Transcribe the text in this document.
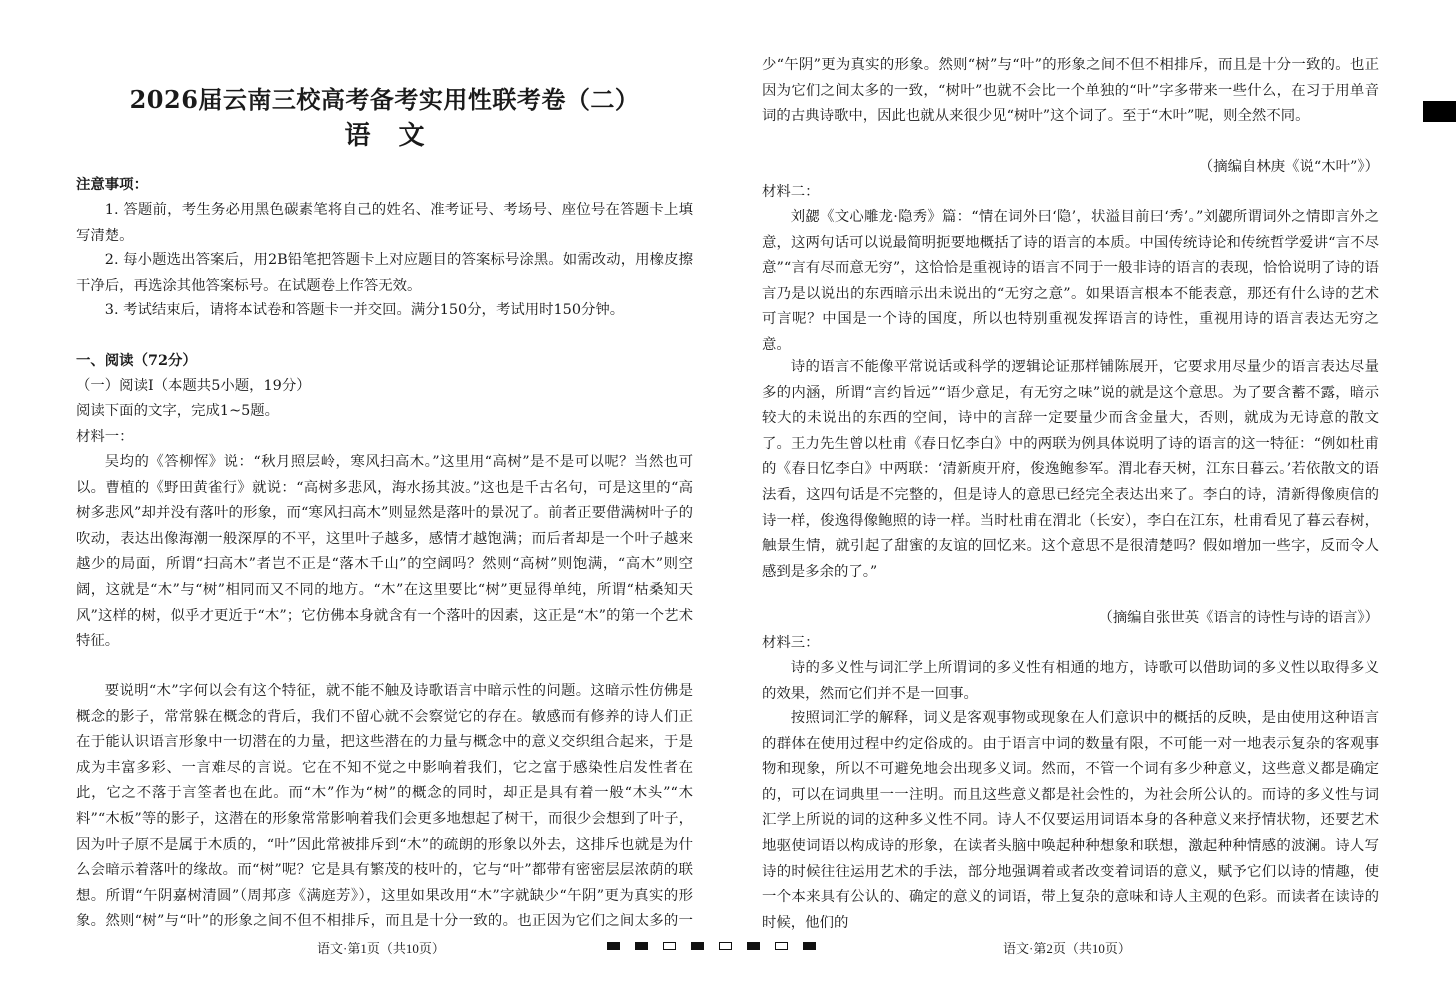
2026届云南三校高考备考实用性联考卷（二）
语文
注意事项：
1. 答题前，考生务必用黑色碳素笔将自己的姓名、准考证号、考场号、座位号在答题卡上填写清楚。
2. 每小题选出答案后，用2B铅笔把答题卡上对应题目的答案标号涂黑。如需改动，用橡皮擦干净后，再选涂其他答案标号。在试题卷上作答无效。
3. 考试结束后，请将本试卷和答题卡一并交回。满分150分，考试用时150分钟。
一、阅读（72分）
（一）阅读Ⅰ（本题共5小题，19分）
阅读下面的文字，完成1~5题。
材料一：
吴均的《答柳恽》说：“秋月照层岭，寒风扫高木。”这里用“高树”是不是可以呢？当然也可以。曹植的《野田黄雀行》就说：“高树多悲风，海水扬其波。”这也是千古名句，可是这里的“高树多悲风”却并没有落叶的形象，而“寒风扫高木”则显然是落叶的景况了。前者正要借满树叶子的吹动，表达出像海潮一般深厚的不平，这里叶子越多，感情才越饱满；而后者却是一个叶子越来越少的局面，所谓“扫高木”者岂不正是“落木千山”的空阔吗？然则“高树”则饱满，“高木”则空阔，这就是“木”与“树”相同而又不同的地方。“木”在这里要比“树”更显得单纯，所谓“枯桑知天风”这样的树，似乎才更近于“木”；它仿佛本身就含有一个落叶的因素，这正是“木”的第一个艺术特征。
要说明“木”字何以会有这个特征，就不能不触及诗歌语言中暗示性的问题。这暗示性仿佛是概念的影子，常常躲在概念的背后，我们不留心就不会察觉它的存在。敏感而有修养的诗人们正在于能认识语言形象中一切潜在的力量，把这些潜在的力量与概念中的意义交织组合起来，于是成为丰富多彩、一言难尽的言说。它在不知不觉之中影响着我们，它之富于感染性启发性者在此，它之不落于言筌者也在此。而“木”作为“树”的概念的同时，却正是具有着一般“木头”“木料”“木板”等的影子，这潜在的形象常常影响着我们会更多地想起了树干，而很少会想到了叶子，因为叶子原不是属于木质的，“叶”因此常被排斥到“木”的疏朗的形象以外去，这排斥也就是为什么会暗示着落叶的缘故。而“树”呢？它是具有繁茂的枝叶的，它与“叶”都带有密密层层浓荫的联想。所谓“午阴嘉树清圆”（周邦彦《满庭芳》），这里如果改用“木”字就缺少“午阴”更为真实的形象。然则“树”与“叶”的形象之间不但不相排斥，而且是十分一致的。也正因为它们之间太多的一
少“午阴”更为真实的形象。然则“树”与“叶”的形象之间不但不相排斥，而且是十分一致的。也正因为它们之间太多的一致，“树叶”也就不会比一个单独的“叶”字多带来一些什么，在习于用单音词的古典诗歌中，因此也就从来很少见“树叶”这个词了。至于“木叶”呢，则全然不同。
（摘编自林庚《说“木叶”》）
材料二：
刘勰《文心雕龙·隐秀》篇：“情在词外曰‘隐’，状溢目前曰‘秀’。”刘勰所谓词外之情即言外之意，这两句话可以说最简明扼要地概括了诗的语言的本质。中国传统诗论和传统哲学爱讲“言不尽意”“言有尽而意无穷”，这恰恰是重视诗的语言不同于一般非诗的语言的表现，恰恰说明了诗的语言乃是以说出的东西暗示出未说出的“无穷之意”。如果语言根本不能表意，那还有什么诗的艺术可言呢？中国是一个诗的国度，所以也特别重视发挥语言的诗性，重视用诗的语言表达无穷之意。
诗的语言不能像平常说话或科学的逻辑论证那样铺陈展开，它要求用尽量少的语言表达尽量多的内涵，所谓“言约旨远”“语少意足，有无穷之味”说的就是这个意思。为了要含蓄不露，暗示较大的未说出的东西的空间，诗中的言辞一定要量少而含金量大，否则，就成为无诗意的散文了。王力先生曾以杜甫《春日忆李白》中的两联为例具体说明了诗的语言的这一特征：“例如杜甫的《春日忆李白》中两联：‘清新庾开府，俊逸鲍参军。渭北春天树，江东日暮云。’若依散文的语法看，这四句话是不完整的，但是诗人的意思已经完全表达出来了。李白的诗，清新得像庾信的诗一样，俊逸得像鲍照的诗一样。当时杜甫在渭北（长安），李白在江东，杜甫看见了暮云春树，触景生情，就引起了甜蜜的友谊的回忆来。这个意思不是很清楚吗？假如增加一些字，反而令人感到是多余的了。”
（摘编自张世英《语言的诗性与诗的语言》）
材料三：
诗的多义性与词汇学上所谓词的多义性有相通的地方，诗歌可以借助词的多义性以取得多义的效果，然而它们并不是一回事。
按照词汇学的解释，词义是客观事物或现象在人们意识中的概括的反映，是由使用这种语言的群体在使用过程中约定俗成的。由于语言中词的数量有限，不可能一对一地表示复杂的客观事物和现象，所以不可避免地会出现多义词。然而，不管一个词有多少种意义，这些意义都是确定的，可以在词典里一一注明。而且这些意义都是社会性的，为社会所公认的。而诗的多义性与词汇学上所说的词的这种多义性不同。诗人不仅要运用词语本身的各种意义来抒情状物，还要艺术地驱使词语以构成诗的形象，在读者头脑中唤起种种想象和联想，激起种种情感的波澜。诗人写诗的时候往往运用艺术的手法，部分地强调着或者改变着词语的意义，赋予它们以诗的情趣，使一个本来具有公认的、确定的意义的词语，带上复杂的意味和诗人主观的色彩。而读者在读诗的时候，他们的
语文·第1页（共10页）	语文·第2页（共10页）
